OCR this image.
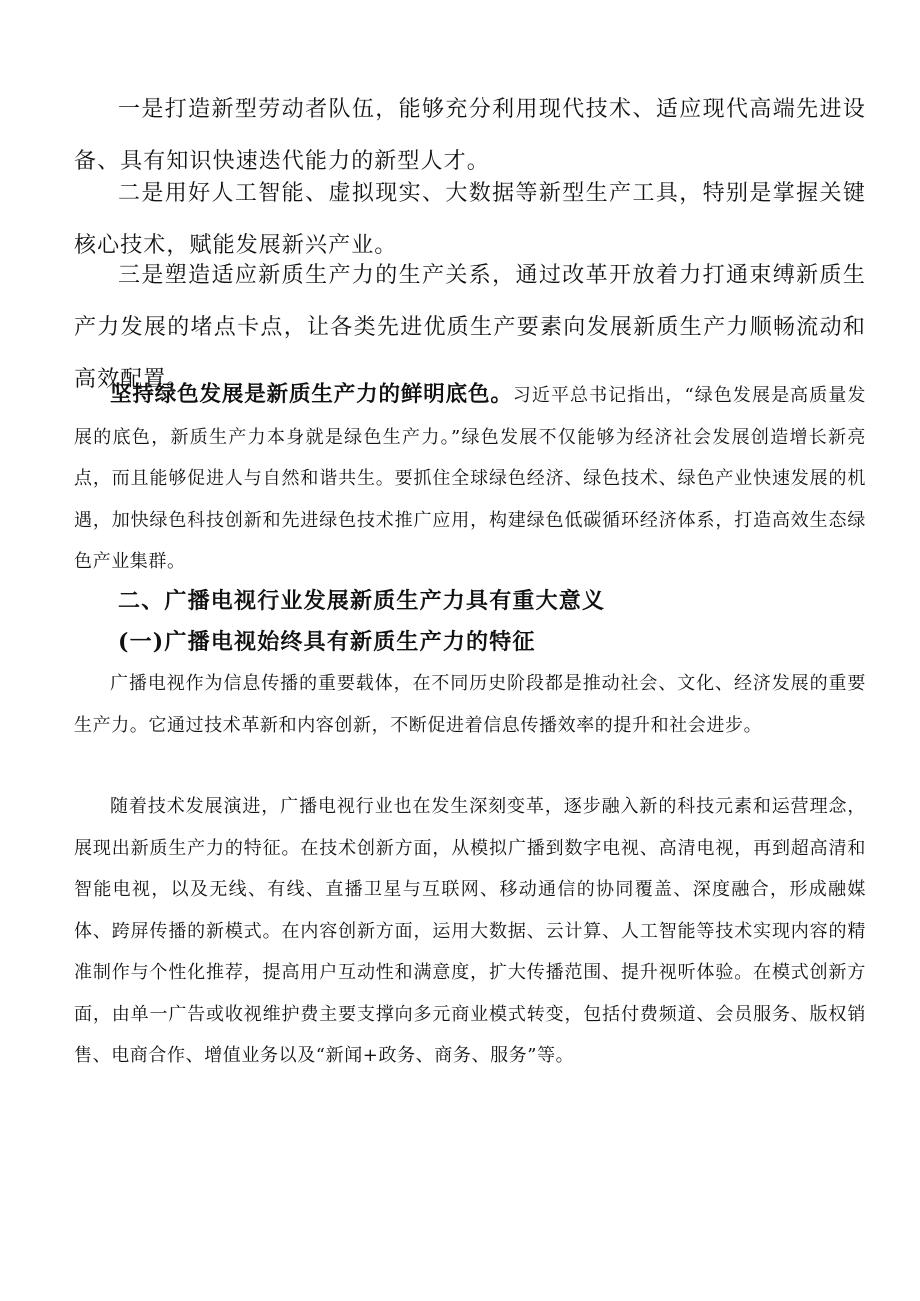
一是打造新型劳动者队伍，能够充分利用现代技术、适应现代高端先进设备、具有知识快速迭代能力的新型人才。

二是用好人工智能、虚拟现实、大数据等新型生产工具，特别是掌握关键核心技术，赋能发展新兴产业。

三是塑造适应新质生产力的生产关系，通过改革开放着力打通束缚新质生产力发展的堵点卡点，让各类先进优质生产要素向发展新质生产力顺畅流动和高效配置。

坚持绿色发展是新质生产力的鲜明底色。习近平总书记指出，“绿色发展是高质量发展的底色，新质生产力本身就是绿色生产力。”绿色发展不仅能够为经济社会发展创造增长新亮点，而且能够促进人与自然和谐共生。要抓住全球绿色经济、绿色技术、绿色产业快速发展的机遇，加快绿色科技创新和先进绿色技术推广应用，构建绿色低碳循环经济体系，打造高效生态绿色产业集群。

二、广播电视行业发展新质生产力具有重大意义
(一)广播电视始终具有新质生产力的特征

广播电视作为信息传播的重要载体，在不同历史阶段都是推动社会、文化、经济发展的重要生产力。它通过技术革新和内容创新，不断促进着信息传播效率的提升和社会进步。

随着技术发展演进，广播电视行业也在发生深刻变革，逐步融入新的科技元素和运营理念，展现出新质生产力的特征。在技术创新方面，从模拟广播到数字电视、高清电视，再到超高清和智能电视，以及无线、有线、直播卫星与互联网、移动通信的协同覆盖、深度融合，形成融媒体、跨屏传播的新模式。在内容创新方面，运用大数据、云计算、人工智能等技术实现内容的精准制作与个性化推荐，提高用户互动性和满意度，扩大传播范围、提升视听体验。在模式创新方面，由单一广告或收视维护费主要支撑向多元商业模式转变，包括付费频道、会员服务、版权销售、电商合作、增值业务以及“新闻+政务、商务、服务”等。
